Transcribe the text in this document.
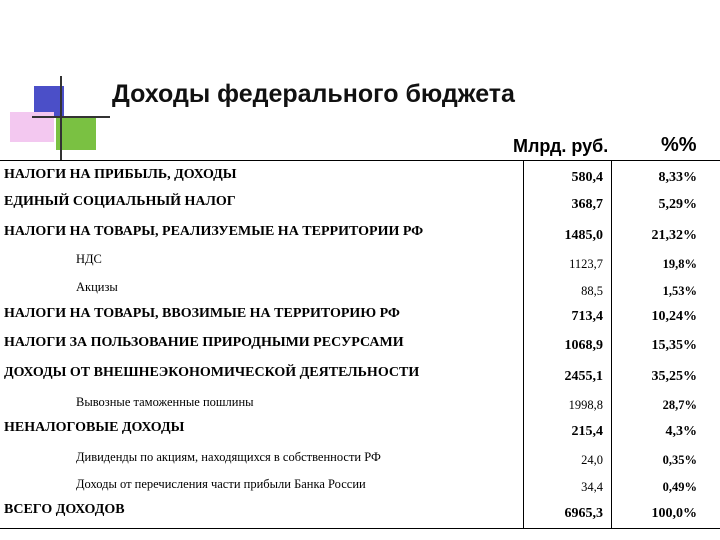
Доходы федерального бюджета
Млрд. руб.	%%
НАЛОГИ НА ПРИБЫЛЬ, ДОХОДЫ	580,4	8,33%
ЕДИНЫЙ СОЦИАЛЬНЫЙ НАЛОГ	368,7	5,29%
НАЛОГИ НА ТОВАРЫ, РЕАЛИЗУЕМЫЕ НА ТЕРРИТОРИИ РФ	1485,0	21,32%
НДС	1123,7	19,8%
Акцизы	88,5	1,53%
НАЛОГИ НА ТОВАРЫ, ВВОЗИМЫЕ НА ТЕРРИТОРИЮ РФ	713,4	10,24%
НАЛОГИ ЗА ПОЛЬЗОВАНИЕ ПРИРОДНЫМИ РЕСУРСАМИ	1068,9	15,35%
ДОХОДЫ ОТ ВНЕШНЕЭКОНОМИЧЕСКОЙ ДЕЯТЕЛЬНОСТИ	2455,1	35,25%
Вывозные таможенные пошлины	1998,8	28,7%
НЕНАЛОГОВЫЕ ДОХОДЫ	215,4	4,3%
Дивиденды по акциям, находящихся в собственности РФ	24,0	0,35%
Доходы от перечисления части прибыли Банка России	34,4	0,49%
ВСЕГО ДОХОДОВ	6965,3	100,0%
